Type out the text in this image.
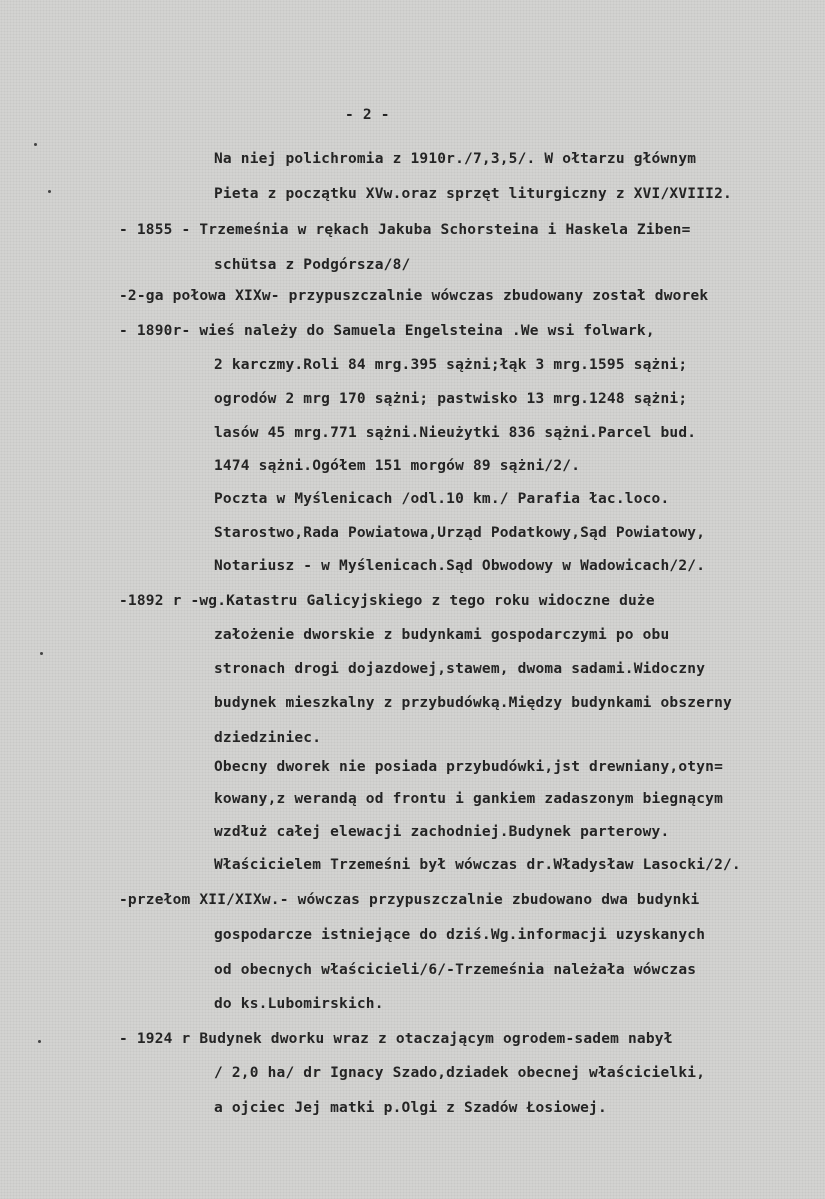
- 2 -
Na niej polichromia z 1910r./7,3,5/. W ołtarzu głównym
Pieta z początku XVw.oraz sprzęt liturgiczny z XVI/XVIII2.
- 1855 - Trzemeśnia w rękach Jakuba Schorsteina i Haskela Ziben=
schütsa z Podgórsza/8/
-2-ga połowa XIXw- przypuszczalnie wówczas zbudowany został dworek
- 1890r- wieś należy do Samuela Engelsteina .We wsi folwark,
2 karczmy.Roli 84 mrg.395 sążni;łąk 3 mrg.1595 sążni;
ogrodów 2 mrg 170 sążni; pastwisko 13 mrg.1248 sążni;
lasów 45 mrg.771 sążni.Nieużytki 836 sążni.Parcel bud.
1474 sążni.Ogółem 151 morgów 89 sążni/2/.
Poczta w Myślenicach /odl.10 km./ Parafia łac.loco.
Starostwo,Rada Powiatowa,Urząd Podatkowy,Sąd Powiatowy,
Notariusz - w Myślenicach.Sąd Obwodowy w Wadowicach/2/.
-1892 r -wg.Katastru Galicyjskiego z tego roku widoczne duże
założenie dworskie z budynkami gospodarczymi po obu
stronach drogi dojazdowej,stawem, dwoma sadami.Widoczny
budynek mieszkalny z przybudówką.Między budynkami obszerny
dziedziniec.
Obecny dworek nie posiada przybudówki,jst drewniany,otyn=
kowany,z werandą od frontu i gankiem zadaszonym biegnącym
wzdłuż całej elewacji zachodniej.Budynek parterowy.
Właścicielem Trzemeśni był wówczas dr.Władysław Lasocki/2/.
-przełom XII/XIXw.- wówczas przypuszczalnie zbudowano dwa budynki
gospodarcze istniejące do dziś.Wg.informacji uzyskanych
od obecnych właścicieli/6/-Trzemeśnia należała wówczas
do ks.Lubomirskich.
- 1924 r Budynek dworku wraz z otaczającym ogrodem-sadem nabył
/ 2,0 ha/ dr Ignacy Szado,dziadek obecnej właścicielki,
a ojciec Jej matki p.Olgi z Szadów Łosiowej.
